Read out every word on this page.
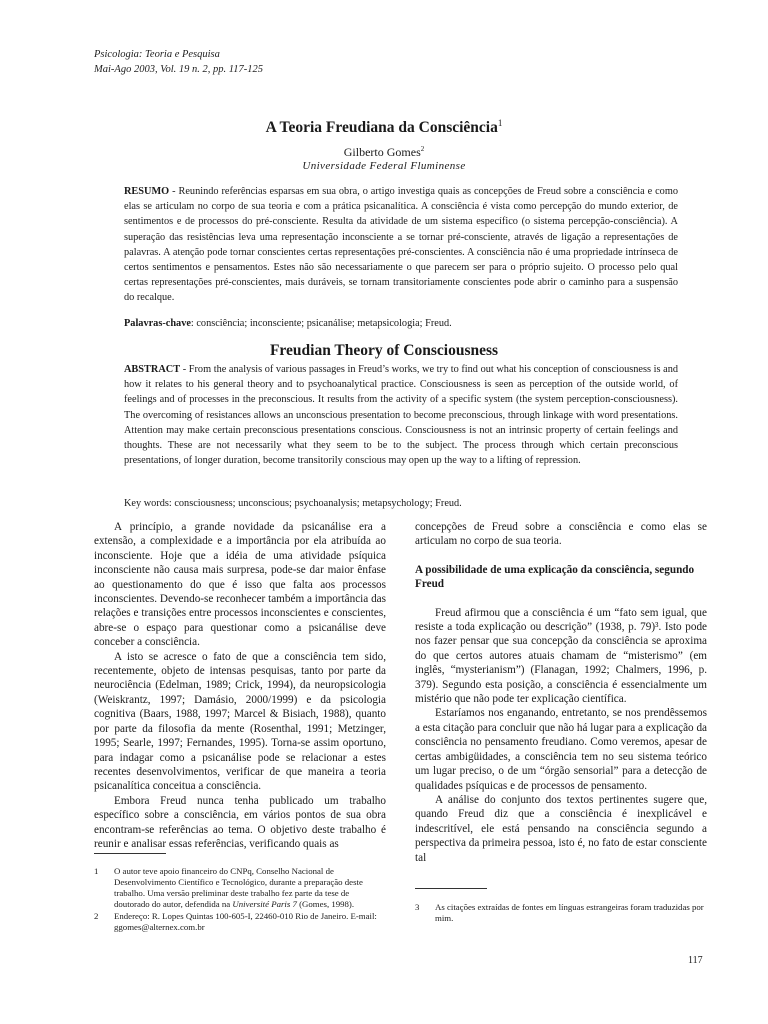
Psicologia: Teoria e Pesquisa
Mai-Ago 2003, Vol. 19 n. 2, pp. 117-125
A Teoria Freudiana da Consciência$^1$
Gilberto Gomes$^2$
Universidade Federal Fluminense
RESUMO - Reunindo referências esparsas em sua obra, o artigo investiga quais as concepções de Freud sobre a consciência e como elas se articulam no corpo de sua teoria e com a prática psicanalítica. A consciência é vista como percepção do mundo exterior, de sentimentos e de processos do pré-consciente. Resulta da atividade de um sistema específico (o sistema percepção-consciência). A superação das resistências leva uma representação inconsciente a se tornar pré-consciente, através de ligação a representações de palavras. A atenção pode tornar conscientes certas representações pré-conscientes. A consciência não é uma propriedade intrínseca de certos sentimentos e pensamentos. Estes não são necessariamente o que parecem ser para o próprio sujeito. O processo pelo qual certas representações pré-conscientes, mais duráveis, se tornam transitoriamente conscientes pode abrir o caminho para a suspensão do recalque.
Palavras-chave: consciência; inconsciente; psicanálise; metapsicologia; Freud.
Freudian Theory of Consciousness
ABSTRACT - From the analysis of various passages in Freud’s works, we try to find out what his conception of consciousness is and how it relates to his general theory and to psychoanalytical practice. Consciousness is seen as perception of the outside world, of feelings and of processes in the preconscious. It results from the activity of a specific system (the system perception-consciousness). The overcoming of resistances allows an unconscious presentation to become preconscious, through linkage with word presentations. Attention may make certain preconscious presentations conscious. Consciousness is not an intrinsic property of certain feelings and thoughts. These are not necessarily what they seem to be to the subject. The process through which certain preconscious presentations, of longer duration, become transitorily conscious may open up the way to a lifting of repression.
Key words: consciousness; unconscious; psychoanalysis; metapsychology; Freud.

A princípio, a grande novidade da psicanálise era a extensão, a complexidade e a importância por ela atribuída ao inconsciente. Hoje que a idéia de uma atividade psíquica inconsciente não causa mais surpresa, pode-se dar maior ênfase ao questionamento do que é isso que falta aos processos inconscientes. Devendo-se reconhecer também a importância das relações e transições entre processos inconscientes e conscientes, abre-se o espaço para questionar como a psicanálise deve conceber a consciência.

A isto se acresce o fato de que a consciência tem sido, recentemente, objeto de intensas pesquisas, tanto por parte da neurociência (Edelman, 1989; Crick, 1994), da neuropsicologia (Weiskrantz, 1997; Damásio, 2000/1999) e da psicologia cognitiva (Baars, 1988, 1997; Marcel & Bisiach, 1988), quanto por parte da filosofia da mente (Rosenthal, 1991; Metzinger, 1995; Searle, 1997; Fernandes, 1995). Torna-se assim oportuno, para indagar como a psicanálise pode se relacionar a estes recentes desenvolvimentos, verificar de que maneira a teoria psicanalítica conceitua a consciência.

Embora Freud nunca tenha publicado um trabalho específico sobre a consciência, em vários pontos de sua obra encontram-se referências ao tema. O objetivo deste trabalho é reunir e analisar essas referências, verificando quais as

concepções de Freud sobre a consciência e como elas se articulam no corpo de sua teoria.

A possibilidade de uma explicação da consciência, segundo Freud

Freud afirmou que a consciência é um “fato sem igual, que resiste a toda explicação ou descrição” (1938, p. 79)³. Isto pode nos fazer pensar que sua concepção da consciência se aproxima do que certos autores atuais chamam de “misterismo” (em inglês, “mysterianism”) (Flanagan, 1992; Chalmers, 1996, p. 379). Segundo esta posição, a consciência é essencialmente um mistério que não pode ter explicação científica.

Estaríamos nos enganando, entretanto, se nos prendêssemos a esta citação para concluir que não há lugar para a explicação da consciência no pensamento freudiano. Como veremos, apesar de certas ambigüidades, a consciência tem no seu sistema teórico um lugar preciso, o de um “órgão sensorial” para a detecção de qualidades psíquicas e de processos de pensamento.

A análise do conjunto dos textos pertinentes sugere que, quando Freud diz que a consciência é inexplicável e indescritível, ele está pensando na consciência segundo a perspectiva da primeira pessoa, isto é, no fato de estar consciente tal

1 O autor teve apoio financeiro do CNPq, Conselho Nacional de Desenvolvimento Científico e Tecnológico, durante a preparação deste trabalho. Uma versão preliminar deste trabalho fez parte da tese de doutorado do autor, defendida na Université Paris 7 (Gomes, 1998).
2 Endereço: R. Lopes Quintas 100-605-I, 22460-010 Rio de Janeiro. E-mail: ggomes@alternex.com.br
3 As citações extraídas de fontes em línguas estrangeiras foram traduzidas por mim.
117
